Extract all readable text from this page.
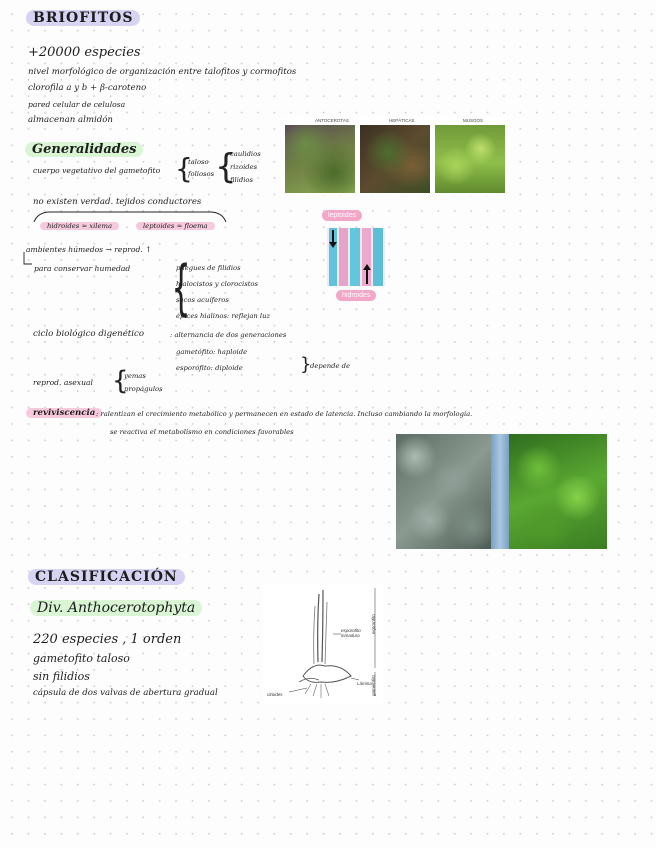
BRIOFITOS
+20000 especies
nivel morfológico de organización entre talofitos y cormofitos
clorofila a y b + β-caroteno
pared celular de celulosa
almacenan almidón
Generalidades
cuerpo vegetativo del gametofito {
taloso
foliosos {
caulidios
rizoides
filidios
no existen verdad. tejidos conductores
hidroides ≈ xilema	leptoides ≈ floema
ambientes húmedos → reprod. ↑
para conservar humedad {
pliegues de filidios
hialocistos y clorocistos
sacos acuíferos
épices hialinos: reflejan luz
ciclo biológico digenético	: alternancia de dos generaciones
gametófito: haploide
esporófito: diploide	}
depende de
reprod. asexual {
yemas
propágulos
reviviscencia : ralentizan el crecimiento metabólico y permanecen en estado de latencia. Incluso cambiando la morfología.
se reactiva el metabolismo en condiciones favorables
ANTOCEROTAS	HEPÁTICAS	MUSGOS
leptoides
hidroides
CLASIFICACIÓN
Div. Anthocerotophyta
220 especies , 1 orden
gametofito taloso
sin filidios
cápsula de dos valvas de abertura gradual
esporofito inmaduro
rizoides
Lámina
esporofito
gametofito
